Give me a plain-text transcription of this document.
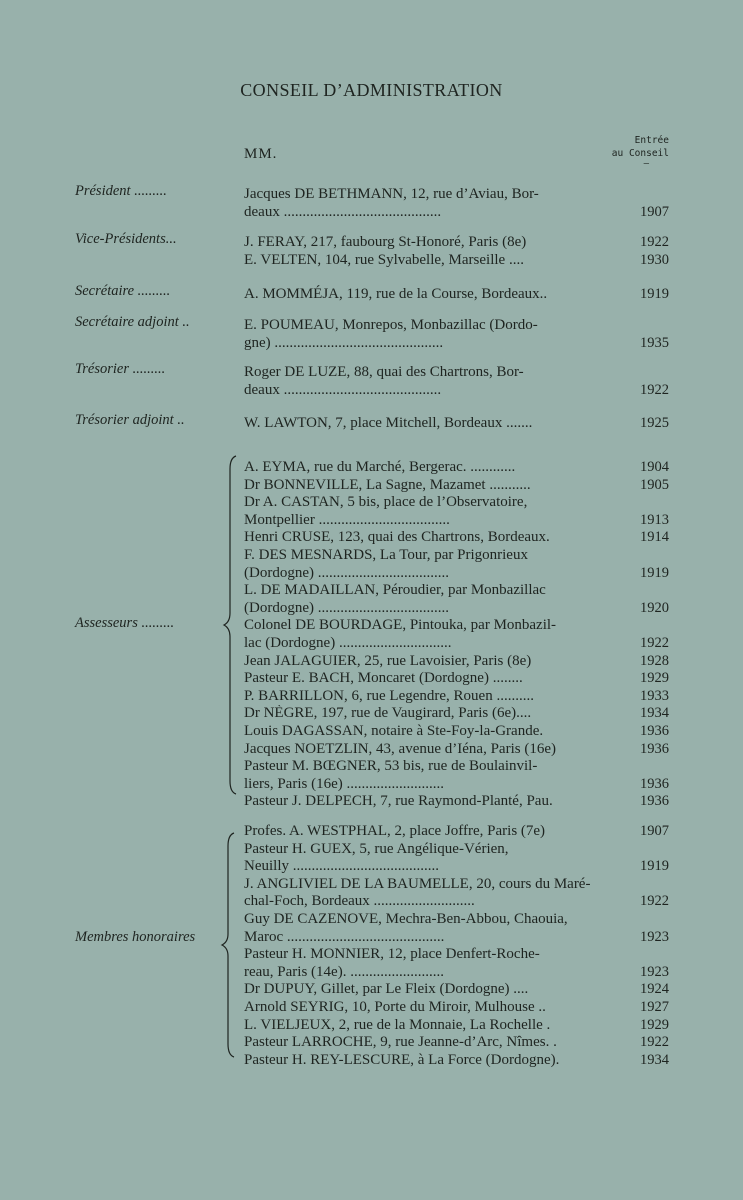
CONSEIL D’ADMINISTRATION
MM.
Entrée
au Conseil
—
Président .........	Jacques DE BETHMANN, 12, rue d’Aviau, Bor-
deaux ..........................................	1907
Vice-Présidents...	J. FERAY, 217, faubourg St-Honoré, Paris (8e)	1922
E. VELTEN, 104, rue Sylvabelle, Marseille ....	1930
Secrétaire .........	A. MOMMÉJA, 119, rue de la Course, Bordeaux..	1919
Secrétaire adjoint ..	E. POUMEAU, Monrepos, Monbazillac (Dordo-
gne) .............................................	1935
Trésorier .........	Roger DE LUZE, 88, quai des Chartrons, Bor-
deaux ..........................................	1922
Trésorier adjoint ..	W. LAWTON, 7, place Mitchell, Bordeaux .......	1925
Assesseurs .........
A. EYMA, rue du Marché, Bergerac. ............	1904
Dr BONNEVILLE, La Sagne, Mazamet ...........	1905
Dr A. CASTAN, 5 bis, place de l’Observatoire,
Montpellier ...................................	1913
Henri CRUSE, 123, quai des Chartrons, Bordeaux.	1914
F. DES MESNARDS, La Tour, par Prigonrieux
(Dordogne) ...................................	1919
L. DE MADAILLAN, Péroudier, par Monbazillac
(Dordogne) ...................................	1920
Colonel DE BOURDAGE, Pintouka, par Monbazil-
lac (Dordogne) ..............................	1922
Jean JALAGUIER, 25, rue Lavoisier, Paris (8e)	1928
Pasteur E. BACH, Moncaret (Dordogne) ........	1929
P. BARRILLON, 6, rue Legendre, Rouen ..........	1933
Dr NÈGRE, 197, rue de Vaugirard, Paris (6e)....	1934
Louis DAGASSAN, notaire à Ste-Foy-la-Grande.	1936
Jacques NOETZLIN, 43, avenue d’Iéna, Paris (16e)	1936
Pasteur M. BŒGNER, 53 bis, rue de Boulainvil-
liers, Paris (16e) ..........................	1936
Pasteur J. DELPECH, 7, rue Raymond-Planté, Pau.	1936
Membres honoraires
Profes. A. WESTPHAL, 2, place Joffre, Paris (7e)	1907
Pasteur H. GUEX, 5, rue Angélique-Vérien,
Neuilly .......................................	1919
J. ANGLIVIEL DE LA BAUMELLE, 20, cours du Maré-
chal-Foch, Bordeaux ...........................	1922
Guy DE CAZENOVE, Mechra-Ben-Abbou, Chaouia,
Maroc ..........................................	1923
Pasteur H. MONNIER, 12, place Denfert-Roche-
reau, Paris (14e). .........................	1923
Dr DUPUY, Gillet, par Le Fleix (Dordogne) ....	1924
Arnold SEYRIG, 10, Porte du Miroir, Mulhouse ..	1927
L. VIELJEUX, 2, rue de la Monnaie, La Rochelle .	1929
Pasteur LARROCHE, 9, rue Jeanne-d’Arc, Nîmes. .	1922
Pasteur H. REY-LESCURE, à La Force (Dordogne).	1934
